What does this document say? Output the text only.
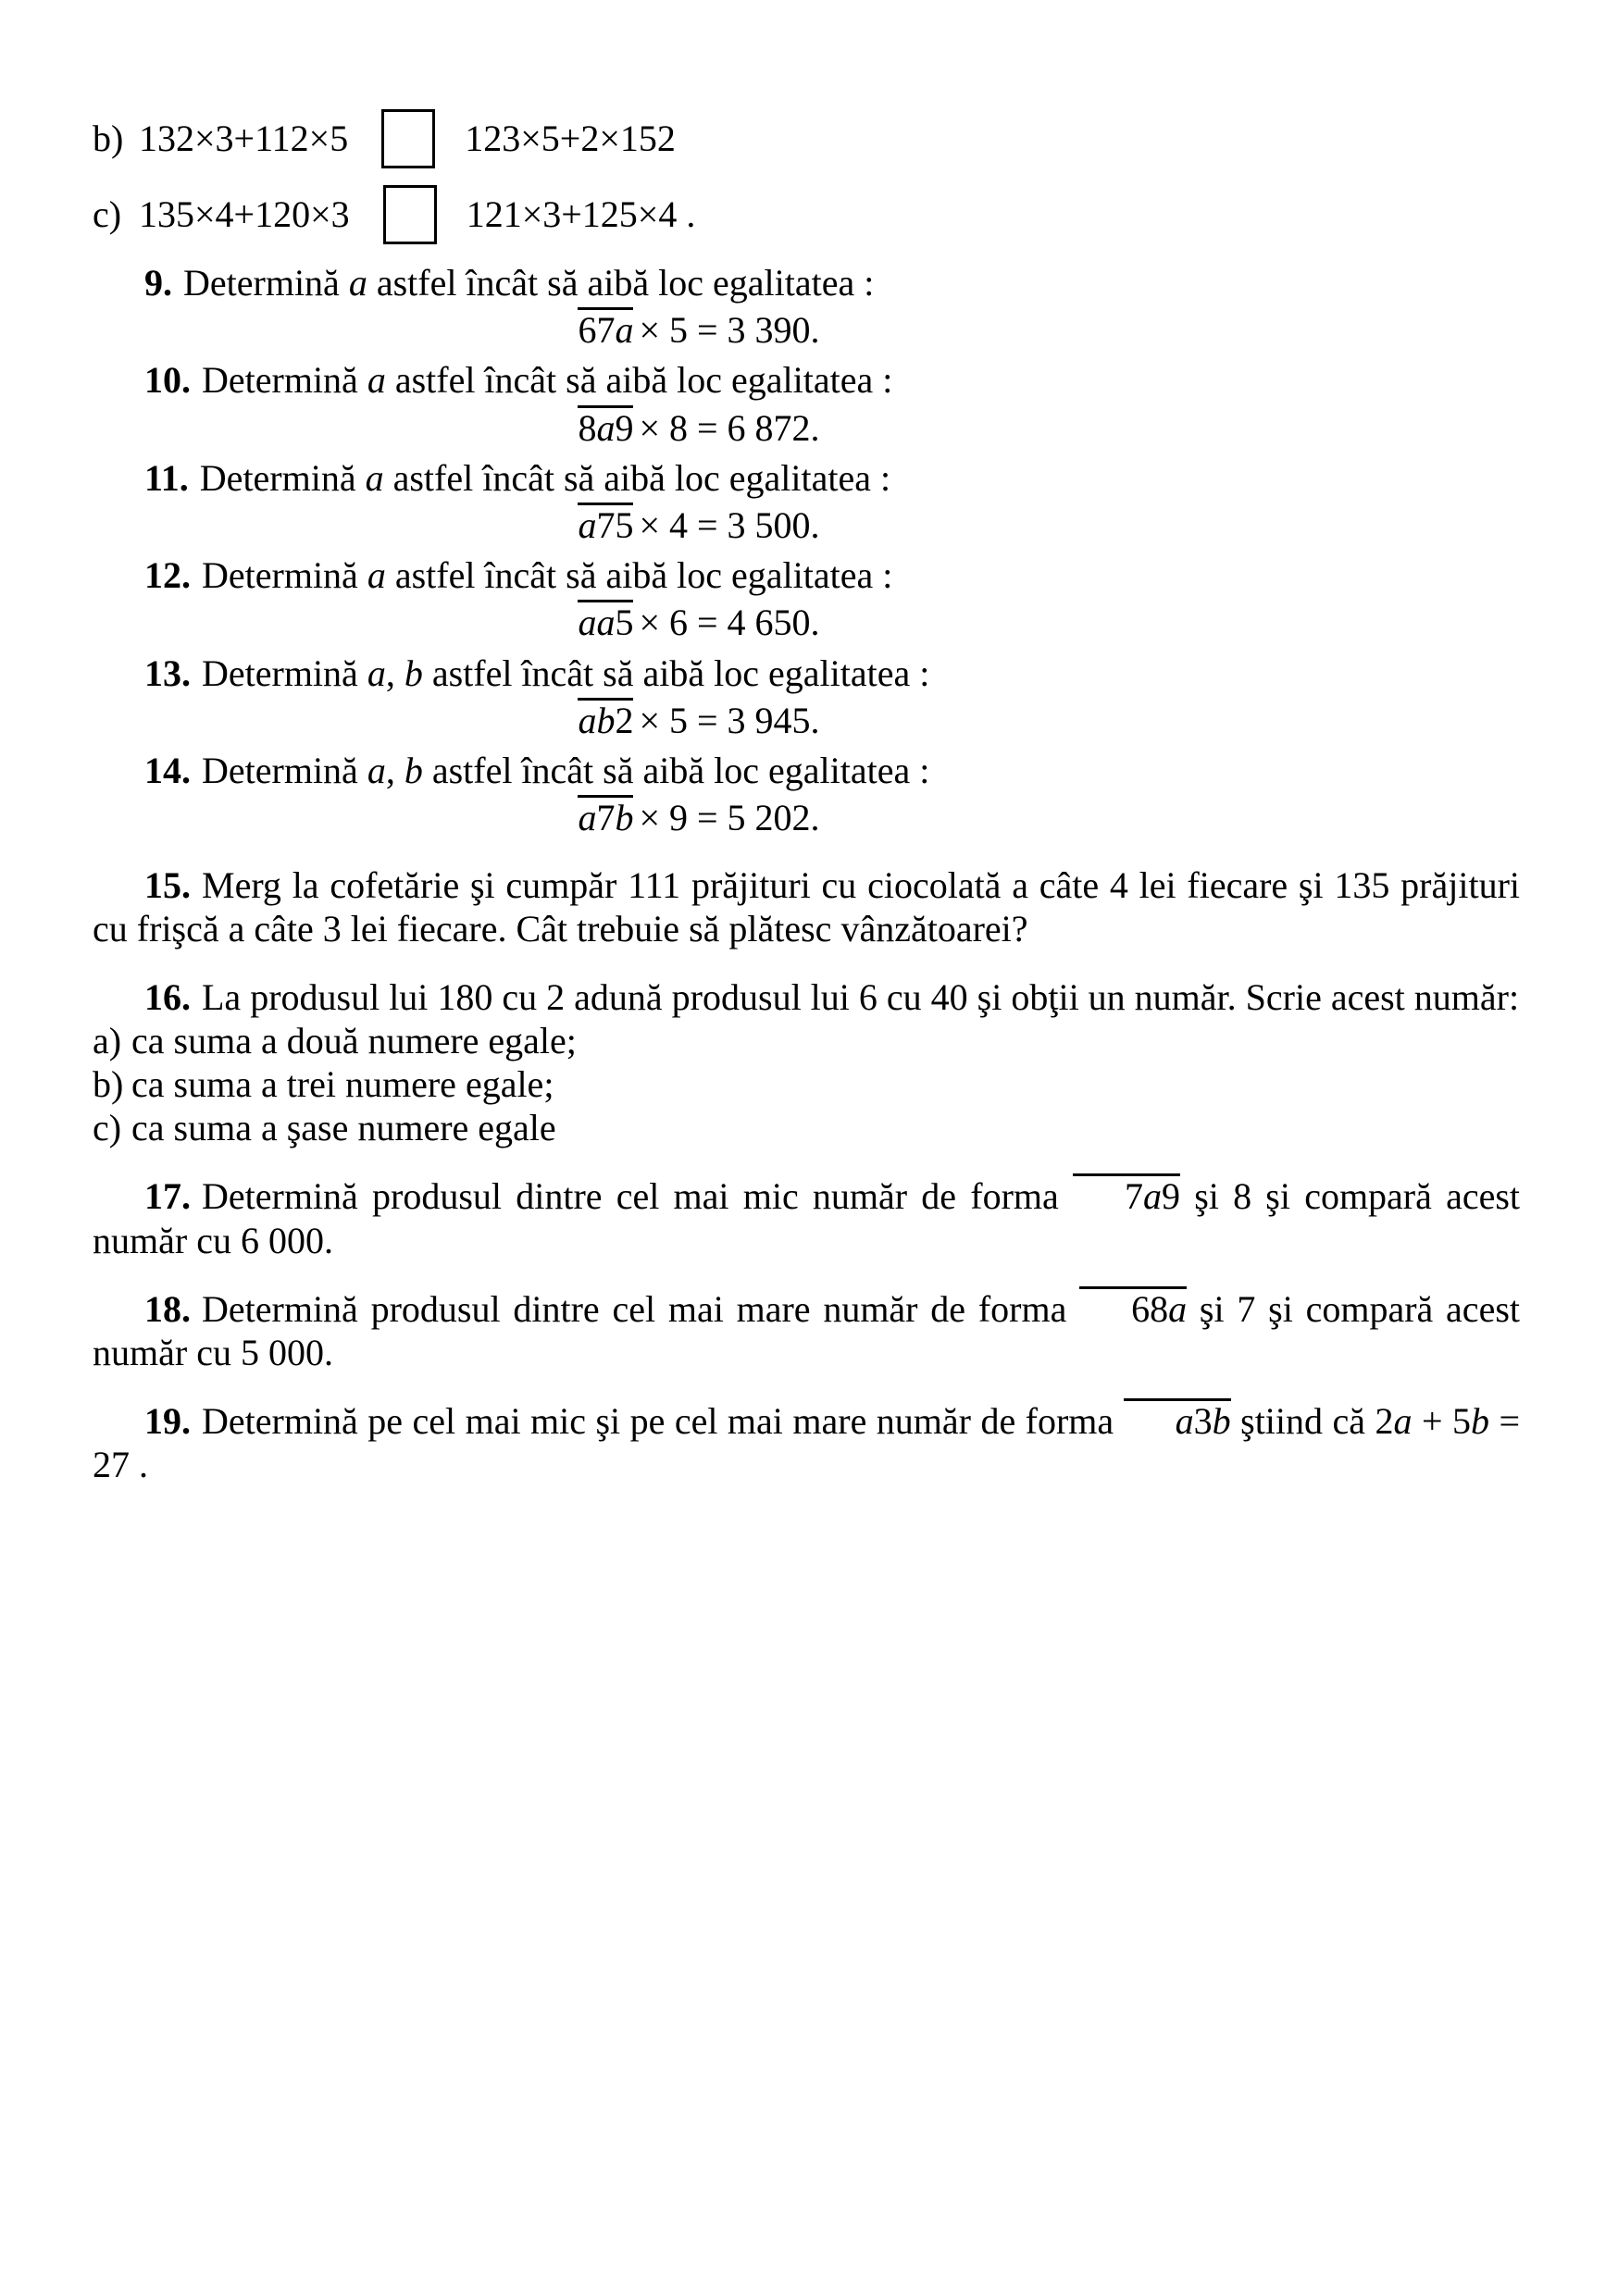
b) 132×3+112×5	123×5+2×152
c) 135×4+120×3	121×3+125×4 .

9. Determină a astfel încât să aibă loc egalitatea :

67a × 5 = 3 390.

10. Determină a astfel încât să aibă loc egalitatea :

8a9 × 8 = 6 872.

11. Determină a astfel încât să aibă loc egalitatea :

a75 × 4 = 3 500.

12. Determină a astfel încât să aibă loc egalitatea :

aa5 × 6 = 4 650.

13. Determină a, b astfel încât să aibă loc egalitatea :

ab2 × 5 = 3 945.

14. Determină a, b astfel încât să aibă loc egalitatea :

a7b × 9 = 5 202.

15. Merg la cofetărie şi cumpăr 111 prăjituri cu ciocolată a câte 4 lei fiecare şi 135 prăjituri cu frişcă a câte 3 lei fiecare. Cât trebuie să plătesc vânzătoarei?

16. La produsul lui 180 cu 2 adună produsul lui 6 cu 40 şi obţii un număr. Scrie acest număr:

a) ca suma a două numere egale;

b) ca suma a trei numere egale;

c) ca suma a şase numere egale

17. Determină produsul dintre cel mai mic număr de forma 7a9 şi 8 şi compară acest număr cu 6 000.

18. Determină produsul dintre cel mai mare număr de forma 68a şi 7 şi compară acest număr cu 5 000.

19. Determină pe cel mai mic şi pe cel mai mare număr de forma a3b ştiind că 2a + 5b = 27 .
